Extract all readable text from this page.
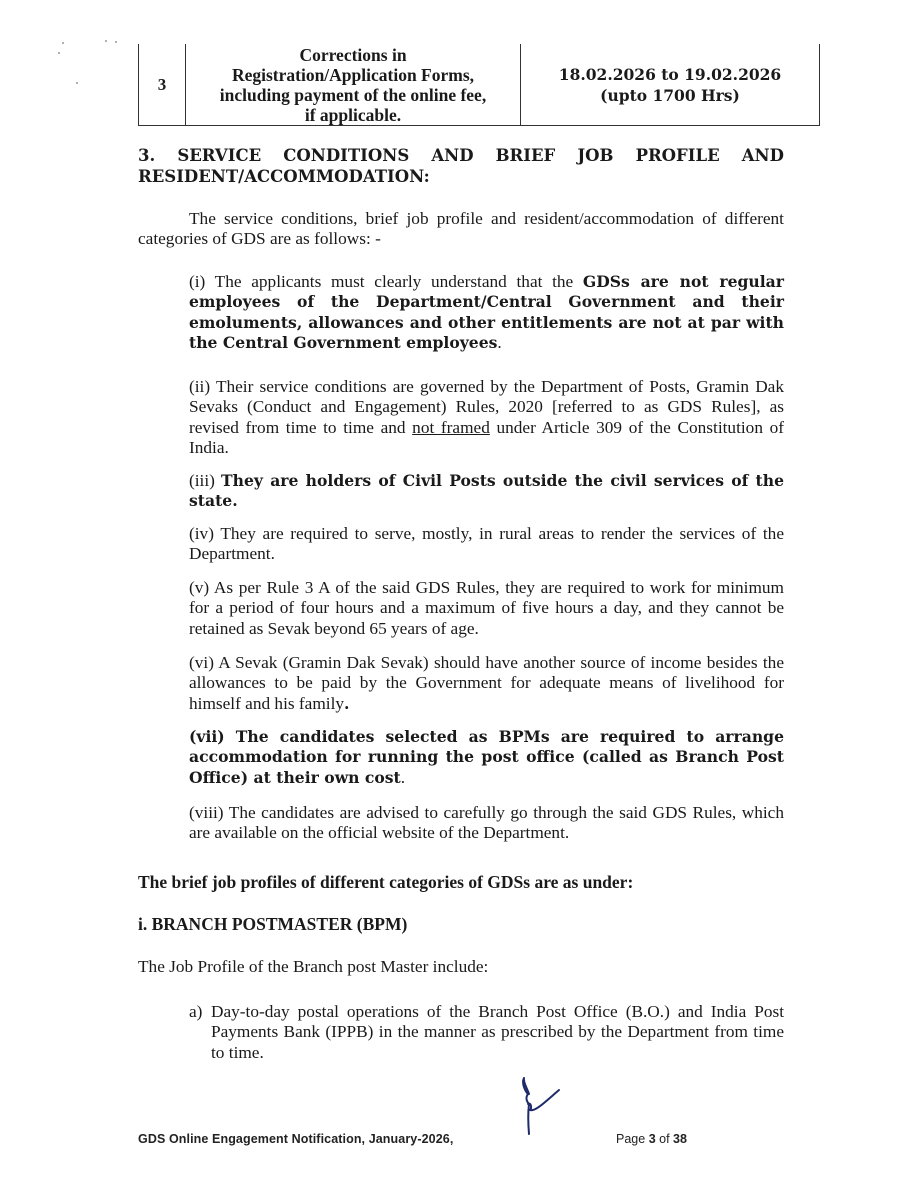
3
Corrections in
Registration/Application Forms,
including payment of the online fee,
if applicable.
18.02.2026 to 19.02.2026
(upto 1700 Hrs)
3. SERVICE CONDITIONS AND BRIEF JOB PROFILE AND
RESIDENT/ACCOMMODATION:

The service conditions, brief job profile and resident/accommodation of different categories of GDS are as follows: -

(i) The applicants must clearly understand that the GDSs are not regular employees of the Department/Central Government and their emoluments, allowances and other entitlements are not at par with the Central Government employees.

(ii) Their service conditions are governed by the Department of Posts, Gramin Dak Sevaks (Conduct and Engagement) Rules, 2020 [referred to as GDS Rules], as revised from time to time and not framed under Article 309 of the Constitution of India.

(iii) They are holders of Civil Posts outside the civil services of the state.

(iv) They are required to serve, mostly, in rural areas to render the services of the Department.

(v) As per Rule 3 A of the said GDS Rules, they are required to work for minimum for a period of four hours and a maximum of five hours a day, and they cannot be retained as Sevak beyond 65 years of age.

(vi) A Sevak (Gramin Dak Sevak) should have another source of income besides the allowances to be paid by the Government for adequate means of livelihood for himself and his family.

(vii) The candidates selected as BPMs are required to arrange accommodation for running the post office (called as Branch Post Office) at their own cost.

(viii) The candidates are advised to carefully go through the said GDS Rules, which are available on the official website of the Department.

The brief job profiles of different categories of GDSs are as under:
i. BRANCH POSTMASTER (BPM)
The Job Profile of the Branch post Master include:
a) Day-to-day postal operations of the Branch Post Office (B.O.) and India Post Payments Bank (IPPB) in the manner as prescribed by the Department from time to time.
GDS Online Engagement Notification, January-2026,	Page 3 of 38
